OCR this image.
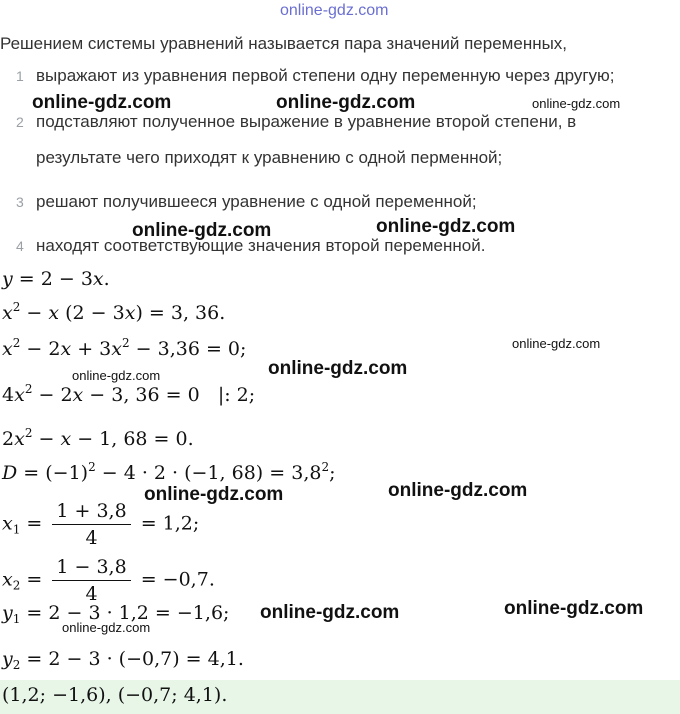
online-gdz.com
Решением системы уравнений называется пара значений переменных,
1 выражают из уравнения первой степени одну переменную через другую;
2 подставляют полученное выражение в уравнение второй степени, в
результате чего приходят к уравнению с одной перменной;
3 решают получившееся уравнение с одной переменной;
4 находят соответствующие значения второй переменной.
y = 2 − 3x.
$x^2 - x$ (2 − 3x) = 3, 36.
$x^2 - 2x + 3x^2 - 3,36 = 0$;
$4x^2 - 2x - 3$, 36 = 0   |: 2;
$2x^2 - x - 1$, 68 = 0.
$D = (-1)^2 - 4 \cdot 2 \cdot (-1$, $68) = 3,8^2$;
$x_1 = \frac{1 + 3,8}{4} = 1,2$;
$x_2 = \frac{1 - 3,8}{4} = -0,7$.
$y_1 = 2 - 3 \cdot 1,2 = -1,6$;
$y_2 = 2 - 3 \cdot (-0,7) = 4,1$.
(1,2; −1,6), (−0,7; 4,1).
online-gdz.com	online-gdz.com	online-gdz.com
online-gdz.com	online-gdz.com
online-gdz.com
online-gdz.com	online-gdz.com
online-gdz.com	online-gdz.com
online-gdz.com	online-gdz.com
online-gdz.com
